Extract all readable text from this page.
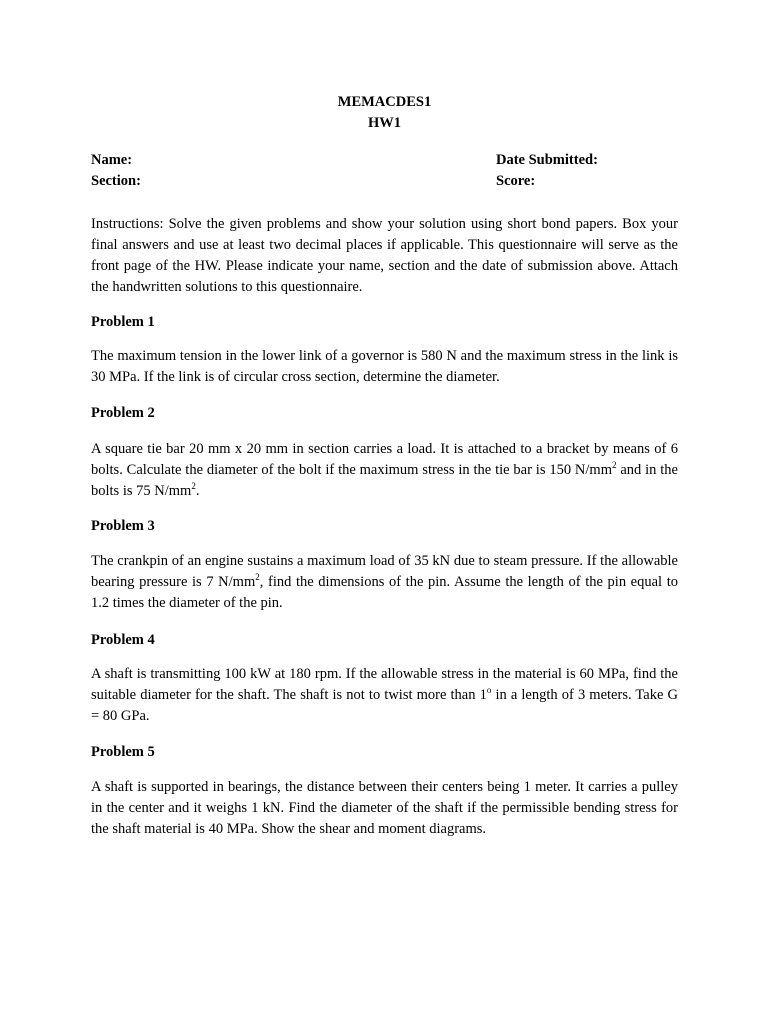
MEMACDES1
HW1
Name:
Section:
Date Submitted:
Score:
Instructions: Solve the given problems and show your solution using short bond papers. Box your final answers and use at least two decimal places if applicable. This questionnaire will serve as the front page of the HW. Please indicate your name, section and the date of submission above. Attach the handwritten solutions to this questionnaire.
Problem 1
The maximum tension in the lower link of a governor is 580 N and the maximum stress in the link is 30 MPa. If the link is of circular cross section, determine the diameter.
Problem 2
A square tie bar 20 mm x 20 mm in section carries a load. It is attached to a bracket by means of 6 bolts. Calculate the diameter of the bolt if the maximum stress in the tie bar is 150 $N/mm^2$ and in the bolts is 75 $N/mm^2$.
Problem 3
The crankpin of an engine sustains a maximum load of 35 kN due to steam pressure. If the allowable bearing pressure is 7 $N/mm^2$, find the dimensions of the pin. Assume the length of the pin equal to 1.2 times the diameter of the pin.
Problem 4
A shaft is transmitting 100 kW at 180 rpm. If the allowable stress in the material is 60 MPa, find the suitable diameter for the shaft. The shaft is not to twist more than 1$^o$ in a length of 3 meters. Take G = 80 GPa.
Problem 5
A shaft is supported in bearings, the distance between their centers being 1 meter. It carries a pulley in the center and it weighs 1 kN. Find the diameter of the shaft if the permissible bending stress for the shaft material is 40 MPa. Show the shear and moment diagrams.
